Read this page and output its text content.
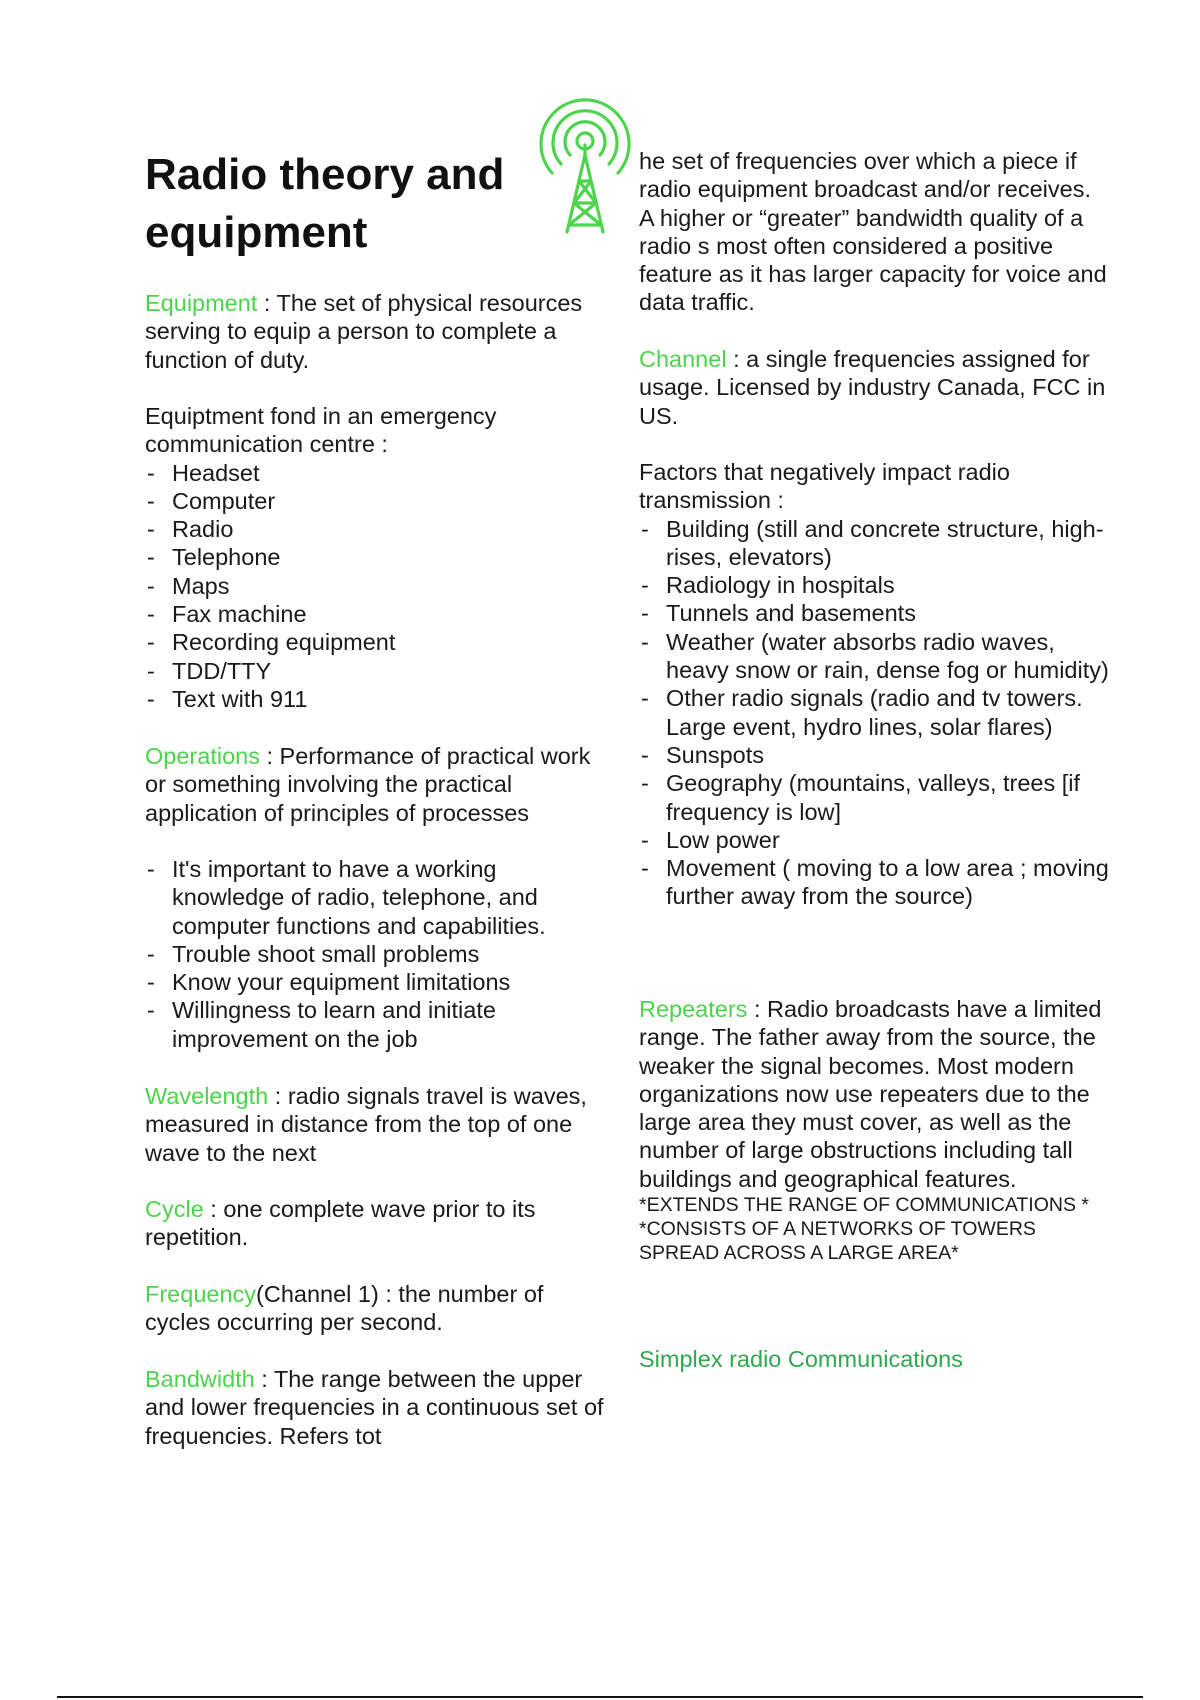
Radio theory and equipment

Equipment : The set of physical resources serving to equip a person to complete a function of duty.

Equiptment fond in an emergency communication centre :

- Headset
- Computer
- Radio
- Telephone
- Maps
- Fax machine
- Recording equipment
- TDD/TTY
- Text with 911

Operations : Performance of practical work or something involving the practical application of principles of processes

- It's important to have a working knowledge of radio, telephone, and computer functions and capabilities.
- Trouble shoot small problems
- Know your equipment limitations
- Willingness to learn and initiate improvement on the job

Wavelength : radio signals travel is waves, measured in distance from the top of one wave to the next

Cycle : one complete wave prior to its repetition.

Frequency(Channel 1) : the number of cycles occurring per second.

Bandwidth : The range between the upper and lower frequencies in a continuous set of frequencies. Refers tot

he set of frequencies over which a piece if radio equipment broadcast and/or receives. A higher or “greater” bandwidth quality of a radio s most often considered a positive feature as it has larger capacity for voice and data traffic.

Channel : a single frequencies assigned for usage. Licensed by industry Canada, FCC in US.

Factors that negatively impact radio transmission :

- Building (still and concrete structure, high-rises, elevators)
- Radiology in hospitals
- Tunnels and basements
- Weather (water absorbs radio waves, heavy snow or rain, dense fog or humidity)
- Other radio signals (radio and tv towers. Large event, hydro lines, solar flares)
- Sunspots
- Geography (mountains, valleys, trees [if frequency is low]
- Low power
- Movement ( moving to a low area ; moving further away from the source)

Repeaters : Radio broadcasts have a limited range. The father away from the source, the weaker the signal becomes. Most modern organizations now use repeaters due to the large area they must cover, as well as the number of large obstructions including tall buildings and geographical features.

*EXTENDS THE RANGE OF COMMUNICATIONS *

*CONSISTS OF A NETWORKS OF TOWERS SPREAD ACROSS A LARGE AREA*

Simplex radio Communications
